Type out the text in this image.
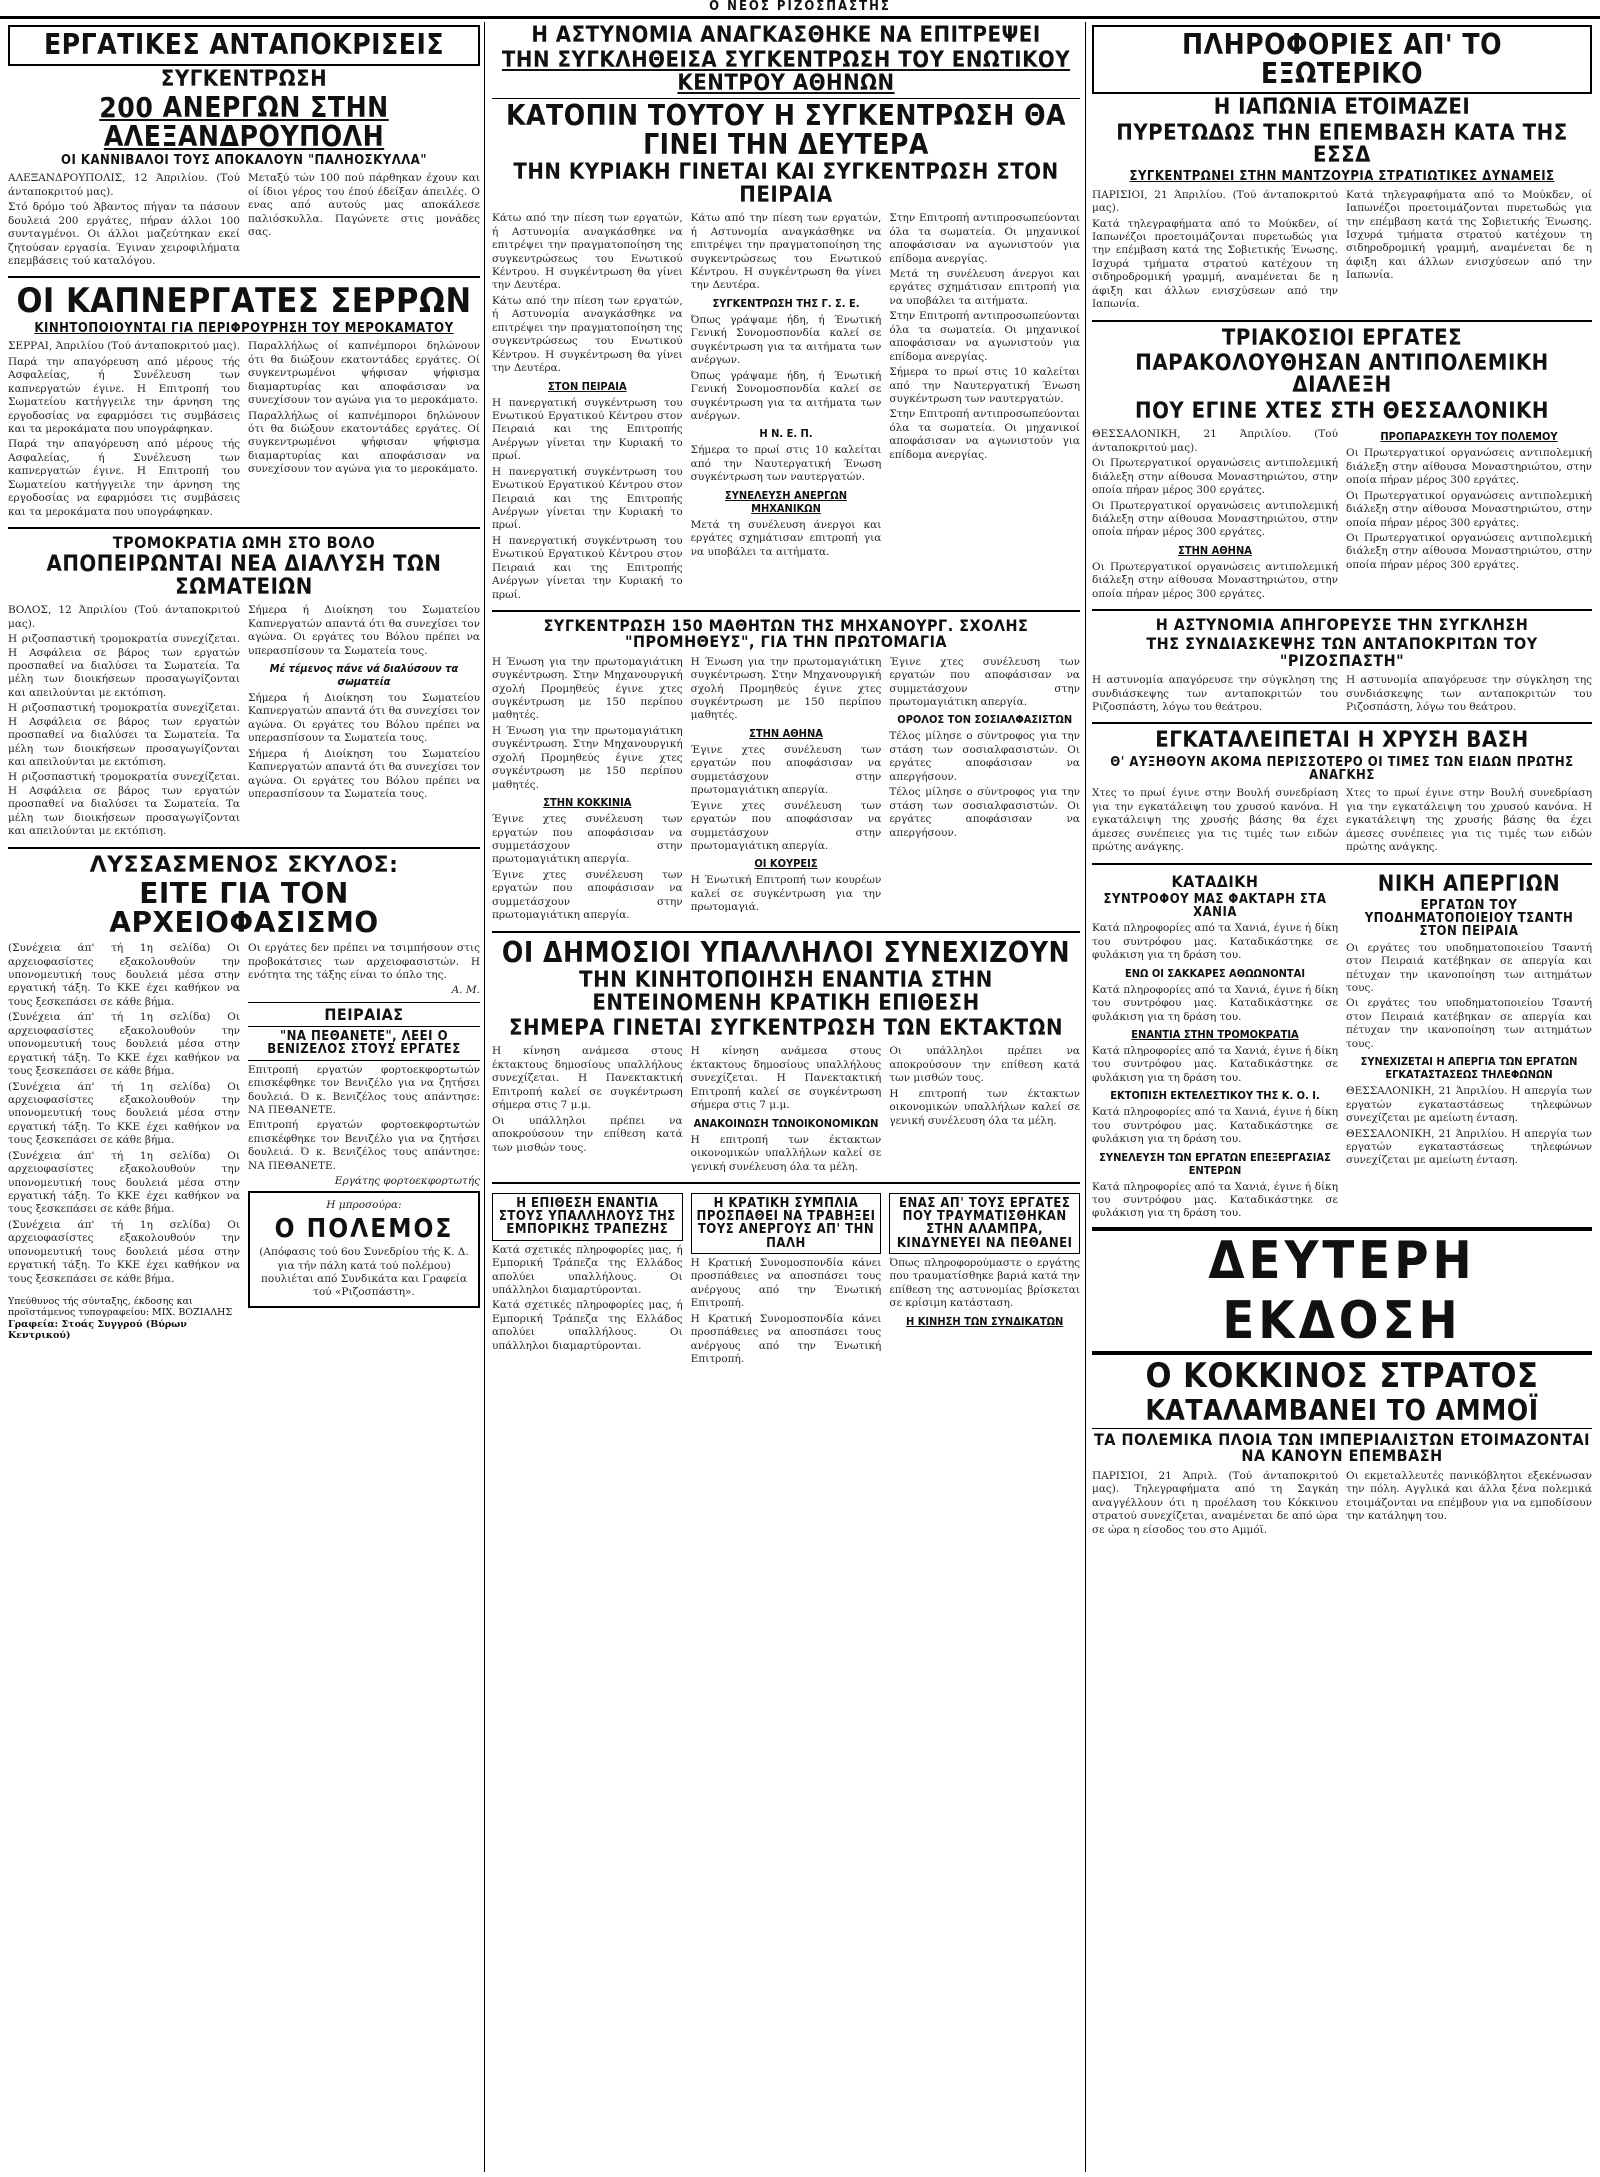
Ο ΝΕΟΣ ΡΙΖΟΣΠΑΣΤΗΣ
ΕΡΓΑΤΙΚΕΣ ΑΝΤΑΠΟΚΡΙΣΕΙΣ
ΣΥΓΚΕΝΤΡΩΣΗ
200 ΑΝΕΡΓΩΝ ΣΤΗΝ ΑΛΕΞΑΝΔΡΟΥΠΟΛΗ
ΟΙ ΚΑΝΝΙΒΑΛΟΙ ΤΟΥΣ ΑΠΟΚΑΛΟΥΝ "ΠΑΛΗΟΣΚΥΛΛΑ"

ΑΛΕΞΑΝΔΡΟΥΠΟΛΙΣ, 12 Άπριλίου. (Τού άνταποκριτού μας).

Στό δρόμο τού Άβαντος πήγαν τα πάσουν δουλειά 200 εργάτες, πήραν άλλοι 100 συνταγμένοι. Οι άλλοι μαζεύτηκαν εκεί ζητούσαν εργασία. Έγιναν χειροφιλήματα επεμβάσεις τού καταλόγου.

Μεταξύ τών 100 πού πάρθηκαν έχουν και οί ίδιοι γέρος του έπού έδείξαν άπειλές. Ο ενας από αυτούς μας αποκάλεσε παλιόσκυλλα. Παγώνετε στις μονάδες σας.

ΟΙ ΚΑΠΝΕΡΓΑΤΕΣ ΣΕΡΡΩΝ
ΚΙΝΗΤΟΠΟΙΟΥΝΤΑΙ ΓΙΑ ΠΕΡΙΦΡΟΥΡΗΣΗ ΤΟΥ ΜΕΡΟΚΑΜΑΤΟΥ

ΣΕΡΡΑΙ, Άπριλίου (Τού άνταποκριτού μας).

Παρά την απαγόρευση από μέρους τής Ασφαλείας, ή Συνέλευση των καπνεργατών έγινε. Η Επιτροπή του Σωματείου κατήγγειλε την άρνηση της εργοδοσίας να εφαρμόσει τις συμβάσεις και τα μεροκάματα που υπογράφηκαν.

Παρά την απαγόρευση από μέρους τής Ασφαλείας, ή Συνέλευση των καπνεργατών έγινε. Η Επιτροπή του Σωματείου κατήγγειλε την άρνηση της εργοδοσίας να εφαρμόσει τις συμβάσεις και τα μεροκάματα που υπογράφηκαν.

Παραλλήλως οί καπνέμποροι δηλώνουν ότι θα διώξουν εκατοντάδες εργάτες. Οί συγκεντρωμένοι ψήφισαν ψήφισμα διαμαρτυρίας και αποφάσισαν να συνεχίσουν τον αγώνα για το μεροκάματο.

Παραλλήλως οί καπνέμποροι δηλώνουν ότι θα διώξουν εκατοντάδες εργάτες. Οί συγκεντρωμένοι ψήφισαν ψήφισμα διαμαρτυρίας και αποφάσισαν να συνεχίσουν τον αγώνα για το μεροκάματο.

ΤΡΟΜΟΚΡΑΤΙΑ ΩΜΗ ΣΤΟ ΒΟΛΟ
ΑΠΟΠΕΙΡΩΝΤΑΙ ΝΕΑ ΔΙΑΛΥΣΗ ΤΩΝ ΣΩΜΑΤΕΙΩΝ

ΒΟΛΟΣ, 12 Άπριλίου (Τού άνταποκριτού μας).

Η ριζοσπαστική τρομοκρατία συνεχίζεται. Η Ασφάλεια σε βάρος των εργατών προσπαθεί να διαλύσει τα Σωματεία. Τα μέλη των διοικήσεων προσαγωγίζονται και απειλούνται με εκτόπιση.

Η ριζοσπαστική τρομοκρατία συνεχίζεται. Η Ασφάλεια σε βάρος των εργατών προσπαθεί να διαλύσει τα Σωματεία. Τα μέλη των διοικήσεων προσαγωγίζονται και απειλούνται με εκτόπιση.

Η ριζοσπαστική τρομοκρατία συνεχίζεται. Η Ασφάλεια σε βάρος των εργατών προσπαθεί να διαλύσει τα Σωματεία. Τα μέλη των διοικήσεων προσαγωγίζονται και απειλούνται με εκτόπιση.

Σήμερα ή Διοίκηση του Σωματείου Καπνεργατών απαντά ότι θα συνεχίσει τον αγώνα. Οι εργάτες του Βόλου πρέπει να υπερασπίσουν τα Σωματεία τους.

Μέ τέμενος πάνε νά διαλύσουν τα σωματεία

Σήμερα ή Διοίκηση του Σωματείου Καπνεργατών απαντά ότι θα συνεχίσει τον αγώνα. Οι εργάτες του Βόλου πρέπει να υπερασπίσουν τα Σωματεία τους.

Σήμερα ή Διοίκηση του Σωματείου Καπνεργατών απαντά ότι θα συνεχίσει τον αγώνα. Οι εργάτες του Βόλου πρέπει να υπερασπίσουν τα Σωματεία τους.

ΛΥΣΣΑΣΜΕΝΟΣ ΣΚΥΛΟΣ:
ΕΙΤΕ ΓΙΑ ΤΟΝ ΑΡΧΕΙΟΦΑΣΙΣΜΟ

(Συνέχεια άπ' τή 1η σελίδα) Οι αρχειοφασίστες εξακολουθούν την υπονομευτική τους δουλειά μέσα στην εργατική τάξη. Το ΚΚΕ έχει καθήκον να τους ξεσκεπάσει σε κάθε βήμα.

(Συνέχεια άπ' τή 1η σελίδα) Οι αρχειοφασίστες εξακολουθούν την υπονομευτική τους δουλειά μέσα στην εργατική τάξη. Το ΚΚΕ έχει καθήκον να τους ξεσκεπάσει σε κάθε βήμα.

(Συνέχεια άπ' τή 1η σελίδα) Οι αρχειοφασίστες εξακολουθούν την υπονομευτική τους δουλειά μέσα στην εργατική τάξη. Το ΚΚΕ έχει καθήκον να τους ξεσκεπάσει σε κάθε βήμα.

(Συνέχεια άπ' τή 1η σελίδα) Οι αρχειοφασίστες εξακολουθούν την υπονομευτική τους δουλειά μέσα στην εργατική τάξη. Το ΚΚΕ έχει καθήκον να τους ξεσκεπάσει σε κάθε βήμα.

(Συνέχεια άπ' τή 1η σελίδα) Οι αρχειοφασίστες εξακολουθούν την υπονομευτική τους δουλειά μέσα στην εργατική τάξη. Το ΚΚΕ έχει καθήκον να τους ξεσκεπάσει σε κάθε βήμα.

Υπεύθυνος τής σύνταξης, έκδοσης και προϊστάμενος τυπογραφείου: ΜΙΧ. ΒΟΖΙΑΛΗΣ
Γραφεία: Στοάς Συγγρού (Βύρων Κεντρικού)

Οι εργάτες δεν πρέπει να τσιμπήσουν στις προβοκάτσιες των αρχειοφασιστών. Η ενότητα της τάξης είναι το όπλο της.

Α. Μ.

ΠΕΙΡΑΙΑΣ
"ΝΑ ΠΕΘΑΝΕΤΕ", ΛΕΕΙ Ο ΒΕΝΙΖΕΛΟΣ ΣΤΟΥΣ ΕΡΓΑΤΕΣ

Επιτροπή εργατών φορτοεκφορτωτών επισκέφθηκε τον Βενιζέλο για να ζητήσει δουλειά. Ό κ. Βενιζέλος τους απάντησε: ΝΑ ΠΕΘΑΝΕΤΕ.

Επιτροπή εργατών φορτοεκφορτωτών επισκέφθηκε τον Βενιζέλο για να ζητήσει δουλειά. Ό κ. Βενιζέλος τους απάντησε: ΝΑ ΠΕΘΑΝΕΤΕ.

Εργάτης φορτοεκφορτωτής

Η μπροσούρα:
Ο ΠΟΛΕΜΟΣ
(Απόφασις τού 6ου Συνεδρίου τής Κ. Δ. για τήν πάλη κατά τού πολέμου) πουλιέται από Συνδικάτα και Γραφεία τού «Ριζοσπάστη».
Η ΑΣΤΥΝΟΜΙΑ ΑΝΑΓΚΑΣΘΗΚΕ ΝΑ ΕΠΙΤΡΕΨΕΙ
ΤΗΝ ΣΥΓΚΛΗΘΕΙΣΑ ΣΥΓΚΕΝΤΡΩΣΗ ΤΟΥ ΕΝΩΤΙΚΟΥ ΚΕΝΤΡΟΥ ΑΘΗΝΩΝ
ΚΑΤΟΠΙΝ ΤΟΥΤΟΥ Η ΣΥΓΚΕΝΤΡΩΣΗ ΘΑ ΓΙΝΕΙ ΤΗΝ ΔΕΥΤΕΡΑ
ΤΗΝ ΚΥΡΙΑΚΗ ΓΙΝΕΤΑΙ ΚΑΙ ΣΥΓΚΕΝΤΡΩΣΗ ΣΤΟΝ ΠΕΙΡΑΙΑ

Κάτω από την πίεση των εργατών, ή Αστυνομία αναγκάσθηκε να επιτρέψει την πραγματοποίηση της συγκεντρώσεως του Ενωτικού Κέντρου. Η συγκέντρωση θα γίνει την Δευτέρα.

Κάτω από την πίεση των εργατών, ή Αστυνομία αναγκάσθηκε να επιτρέψει την πραγματοποίηση της συγκεντρώσεως του Ενωτικού Κέντρου. Η συγκέντρωση θα γίνει την Δευτέρα.

ΣΤΟΝ ΠΕΙΡΑΙΑ

Η πανεργατική συγκέντρωση του Ενωτικού Εργατικού Κέντρου στον Πειραιά και της Επιτροπής Ανέργων γίνεται την Κυριακή το πρωί.

Η πανεργατική συγκέντρωση του Ενωτικού Εργατικού Κέντρου στον Πειραιά και της Επιτροπής Ανέργων γίνεται την Κυριακή το πρωί.

Η πανεργατική συγκέντρωση του Ενωτικού Εργατικού Κέντρου στον Πειραιά και της Επιτροπής Ανέργων γίνεται την Κυριακή το πρωί.

Κάτω από την πίεση των εργατών, ή Αστυνομία αναγκάσθηκε να επιτρέψει την πραγματοποίηση της συγκεντρώσεως του Ενωτικού Κέντρου. Η συγκέντρωση θα γίνει την Δευτέρα.

ΣΥΓΚΕΝΤΡΩΣΗ ΤΗΣ Γ. Σ. Ε.

Όπως γράψαμε ήδη, ή Ένωτική Γενική Συνομοσπονδία καλεί σε συγκέντρωση για τα αιτήματα των ανέργων.

Όπως γράψαμε ήδη, ή Ένωτική Γενική Συνομοσπονδία καλεί σε συγκέντρωση για τα αιτήματα των ανέργων.

Η Ν. Ε. Π.

Σήμερα το πρωί στις 10 καλείται από την Ναυτεργατική Ένωση συγκέντρωση των ναυτεργατών.

ΣΥΝΕΛΕΥΣΗ ΑΝΕΡΓΩΝ ΜΗΧΑΝΙΚΩΝ

Μετά τη συνέλευση άνεργοι και εργάτες σχημάτισαν επιτροπή για να υποβάλει τα αιτήματα.

Στην Επιτροπή αντιπροσωπεύονται όλα τα σωματεία. Οι μηχανικοί αποφάσισαν να αγωνιστούν για επίδομα ανεργίας.

Μετά τη συνέλευση άνεργοι και εργάτες σχημάτισαν επιτροπή για να υποβάλει τα αιτήματα.

Στην Επιτροπή αντιπροσωπεύονται όλα τα σωματεία. Οι μηχανικοί αποφάσισαν να αγωνιστούν για επίδομα ανεργίας.

Σήμερα το πρωί στις 10 καλείται από την Ναυτεργατική Ένωση συγκέντρωση των ναυτεργατών.

Στην Επιτροπή αντιπροσωπεύονται όλα τα σωματεία. Οι μηχανικοί αποφάσισαν να αγωνιστούν για επίδομα ανεργίας.

ΣΥΓΚΕΝΤΡΩΣΗ 150 ΜΑΘΗΤΩΝ ΤΗΣ ΜΗΧΑΝΟΥΡΓ. ΣΧΟΛΗΣ "ΠΡΟΜΗΘΕΥΣ", ΓΙΑ ΤΗΝ ΠΡΩΤΟΜΑΓΙΑ

Η Ένωση για την πρωτομαγιάτικη συγκέντρωση. Στην Μηχανουργική σχολή Προμηθεύς έγινε χτες συγκέντρωση με 150 περίπου μαθητές.

Η Ένωση για την πρωτομαγιάτικη συγκέντρωση. Στην Μηχανουργική σχολή Προμηθεύς έγινε χτες συγκέντρωση με 150 περίπου μαθητές.

ΣΤΗΝ ΚΟΚΚΙΝΙΑ

Έγινε χτες συνέλευση των εργατών που αποφάσισαν να συμμετάσχουν στην πρωτομαγιάτικη απεργία.

Έγινε χτες συνέλευση των εργατών που αποφάσισαν να συμμετάσχουν στην πρωτομαγιάτικη απεργία.

Η Ένωση για την πρωτομαγιάτικη συγκέντρωση. Στην Μηχανουργική σχολή Προμηθεύς έγινε χτες συγκέντρωση με 150 περίπου μαθητές.

ΣΤΗΝ ΑΘΗΝΑ

Έγινε χτες συνέλευση των εργατών που αποφάσισαν να συμμετάσχουν στην πρωτομαγιάτικη απεργία.

Έγινε χτες συνέλευση των εργατών που αποφάσισαν να συμμετάσχουν στην πρωτομαγιάτικη απεργία.

ΟΙ ΚΟΥΡΕΙΣ

Η Ένωτική Επιτροπή των κουρέων καλεί σε συγκέντρωση για την πρωτομαγιά.

Έγινε χτες συνέλευση των εργατών που αποφάσισαν να συμμετάσχουν στην πρωτομαγιάτικη απεργία.

ΟΡΟΛΟΣ ΤΟΝ ΣΟΣΙΑΛΦΑΣΙΣΤΩΝ

Τέλος μίλησε ο σύντροφος για την στάση των σοσιαλφασιστών. Οι εργάτες αποφάσισαν να απεργήσουν.

Τέλος μίλησε ο σύντροφος για την στάση των σοσιαλφασιστών. Οι εργάτες αποφάσισαν να απεργήσουν.

ΟΙ ΔΗΜΟΣΙΟΙ ΥΠΑΛΛΗΛΟΙ ΣΥΝΕΧΙΖΟΥΝ
ΤΗΝ ΚΙΝΗΤΟΠΟΙΗΣΗ ΕΝΑΝΤΙΑ ΣΤΗΝ ΕΝΤΕΙΝΟΜΕΝΗ ΚΡΑΤΙΚΗ ΕΠΙΘΕΣΗ
ΣΗΜΕΡΑ ΓΙΝΕΤΑΙ ΣΥΓΚΕΝΤΡΩΣΗ ΤΩΝ ΕΚΤΑΚΤΩΝ

Η κίνηση ανάμεσα στους έκτακτους δημοσίους υπαλλήλους συνεχίζεται. Η Πανεκτακτική Επιτροπή καλεί σε συγκέντρωση σήμερα στις 7 μ.μ.

Οι υπάλληλοι πρέπει να αποκρούσουν την επίθεση κατά των μισθών τους.

Η κίνηση ανάμεσα στους έκτακτους δημοσίους υπαλλήλους συνεχίζεται. Η Πανεκτακτική Επιτροπή καλεί σε συγκέντρωση σήμερα στις 7 μ.μ.

ΑΝΑΚΟΙΝΩΣΗ ΤΩΝΟΙΚΟΝΟΜΙΚΩΝ

Η επιτροπή των έκτακτων οικονομικών υπαλλήλων καλεί σε γενική συνέλευση όλα τα μέλη.

Οι υπάλληλοι πρέπει να αποκρούσουν την επίθεση κατά των μισθών τους.

Η επιτροπή των έκτακτων οικονομικών υπαλλήλων καλεί σε γενική συνέλευση όλα τα μέλη.

Η ΕΠΙΘΕΣΗ ΕΝΑΝΤΙΑ ΣΤΟΥΣ ΥΠΑΛΛΗΛΟΥΣ ΤΗΣ ΕΜΠΟΡΙΚΗΣ ΤΡΑΠΕΖΗΣ

Κατά σχετικές πληροφορίες μας, ή Εμπορική Τράπεζα της Ελλάδος απολύει υπαλλήλους. Οι υπάλληλοι διαμαρτύρονται.

Κατά σχετικές πληροφορίες μας, ή Εμπορική Τράπεζα της Ελλάδος απολύει υπαλλήλους. Οι υπάλληλοι διαμαρτύρονται.

Η ΚΡΑΤΙΚΗ ΣΥΜΠΛΙΑ ΠΡΟΣΠΑΘΕΙ ΝΑ ΤΡΑΒΗΞΕΙ ΤΟΥΣ ΑΝΕΡΓΟΥΣ ΑΠ' ΤΗΝ ΠΑΛΗ

Η Κρατική Συνομοσπονδία κάνει προσπάθειες να αποσπάσει τους ανέργους από την Ένωτική Επιτροπή.

Η Κρατική Συνομοσπονδία κάνει προσπάθειες να αποσπάσει τους ανέργους από την Ένωτική Επιτροπή.

ΕΝΑΣ ΑΠ' ΤΟΥΣ ΕΡΓΑΤΕΣ ΠΟΥ ΤΡΑΥΜΑΤΙΣΘΗΚΑΝ ΣΤΗΝ ΑΛΑΜΠΡΑ, ΚΙΝΔΥΝΕΥΕΙ ΝΑ ΠΕΘΑΝΕΙ

Όπως πληροφορούμαστε ο εργάτης που τραυματίσθηκε βαριά κατά την επίθεση της αστυνομίας βρίσκεται σε κρίσιμη κατάσταση.

Η ΚΙΝΗΣΗ ΤΩΝ ΣΥΝΔΙΚΑΤΩΝ
ΠΛΗΡΟΦΟΡΙΕΣ ΑΠ' ΤΟ ΕΞΩΤΕΡΙΚΟ
Η ΙΑΠΩΝΙΑ ΕΤΟΙΜΑΖΕΙ
ΠΥΡΕΤΩΔΩΣ ΤΗΝ ΕΠΕΜΒΑΣΗ ΚΑΤΑ ΤΗΣ ΕΣΣΔ
ΣΥΓΚΕΝΤΡΩΝΕΙ ΣΤΗΝ ΜΑΝΤΖΟΥΡΙΑ ΣΤΡΑΤΙΩΤΙΚΕΣ ΔΥΝΑΜΕΙΣ

ΠΑΡΙΣΙΟΙ, 21 Άπριλίου. (Τού άνταποκριτού μας).

Κατά τηλεγραφήματα από το Μούκδεν, οί Ιαπωνέζοι προετοιμάζονται πυρετωδώς για την επέμβαση κατά της Σοβιετικής Ένωσης. Ισχυρά τμήματα στρατού κατέχουν τη σιδηροδρομική γραμμή, αναμένεται δε η άφιξη και άλλων ενισχύσεων από την Ιαπωνία.

Κατά τηλεγραφήματα από το Μούκδεν, οί Ιαπωνέζοι προετοιμάζονται πυρετωδώς για την επέμβαση κατά της Σοβιετικής Ένωσης. Ισχυρά τμήματα στρατού κατέχουν τη σιδηροδρομική γραμμή, αναμένεται δε η άφιξη και άλλων ενισχύσεων από την Ιαπωνία.

ΤΡΙΑΚΟΣΙΟΙ ΕΡΓΑΤΕΣ
ΠΑΡΑΚΟΛΟΥΘΗΣΑΝ ΑΝΤΙΠΟΛΕΜΙΚΗ ΔΙΑΛΕΞΗ
ΠΟΥ ΕΓΙΝΕ ΧΤΕΣ ΣΤΗ ΘΕΣΣΑΛΟΝΙΚΗ

ΘΕΣΣΑΛΟΝΙΚΗ, 21 Άπριλίου. (Τού άνταποκριτού μας).

Οι Πρωτεργατικοί οργανώσεις αντιπολεμική διάλεξη στην αίθουσα Μοναστηριώτου, στην οποία πήραν μέρος 300 εργάτες.

Οι Πρωτεργατικοί οργανώσεις αντιπολεμική διάλεξη στην αίθουσα Μοναστηριώτου, στην οποία πήραν μέρος 300 εργάτες.

ΣΤΗΝ ΑΘΗΝΑ

Οι Πρωτεργατικοί οργανώσεις αντιπολεμική διάλεξη στην αίθουσα Μοναστηριώτου, στην οποία πήραν μέρος 300 εργάτες.

ΠΡΟΠΑΡΑΣΚΕΥΗ ΤΟΥ ΠΟΛΕΜΟΥ

Οι Πρωτεργατικοί οργανώσεις αντιπολεμική διάλεξη στην αίθουσα Μοναστηριώτου, στην οποία πήραν μέρος 300 εργάτες.

Οι Πρωτεργατικοί οργανώσεις αντιπολεμική διάλεξη στην αίθουσα Μοναστηριώτου, στην οποία πήραν μέρος 300 εργάτες.

Οι Πρωτεργατικοί οργανώσεις αντιπολεμική διάλεξη στην αίθουσα Μοναστηριώτου, στην οποία πήραν μέρος 300 εργάτες.

Η ΑΣΤΥΝΟΜΙΑ ΑΠΗΓΟΡΕΥΣΕ ΤΗΝ ΣΥΓΚΛΗΣΗ
ΤΗΣ ΣΥΝΔΙΑΣΚΕΨΗΣ ΤΩΝ ΑΝΤΑΠΟΚΡΙΤΩΝ ΤΟΥ "ΡΙΖΟΣΠΑΣΤΗ"

Η αστυνομία απαγόρευσε την σύγκληση της συνδιάσκεψης των ανταποκριτών του Ριζοσπάστη, λόγω του θεάτρου.

Η αστυνομία απαγόρευσε την σύγκληση της συνδιάσκεψης των ανταποκριτών του Ριζοσπάστη, λόγω του θεάτρου.

ΕΓΚΑΤΑΛΕΙΠΕΤΑΙ Η ΧΡΥΣΗ ΒΑΣΗ
Θ' ΑΥΞΗΘΟΥΝ ΑΚΟΜΑ ΠΕΡΙΣΣΟΤΕΡΟ ΟΙ ΤΙΜΕΣ ΤΩΝ ΕΙΔΩΝ ΠΡΩΤΗΣ ΑΝΑΓΚΗΣ

Χτες το πρωί έγινε στην Βουλή συνεδρίαση για την εγκατάλειψη του χρυσού κανόνα. Η εγκατάλειψη της χρυσής βάσης θα έχει άμεσες συνέπειες για τις τιμές των ειδών πρώτης ανάγκης.

Χτες το πρωί έγινε στην Βουλή συνεδρίαση για την εγκατάλειψη του χρυσού κανόνα. Η εγκατάλειψη της χρυσής βάσης θα έχει άμεσες συνέπειες για τις τιμές των ειδών πρώτης ανάγκης.

ΚΑΤΑΔΙΚΗ
ΣΥΝΤΡΟΦΟΥ ΜΑΣ ΦΑΚΤΑΡΗ ΣΤΑ ΧΑΝΙΑ

Κατά πληροφορίες από τα Χανιά, έγινε ή δίκη του συντρόφου μας. Καταδικάστηκε σε φυλάκιση για τη δράση του.

ΕΝΩ ΟΙ ΣΑΚΚΑΡΕΣ ΑΘΩΩΝΟΝΤΑΙ

Κατά πληροφορίες από τα Χανιά, έγινε ή δίκη του συντρόφου μας. Καταδικάστηκε σε φυλάκιση για τη δράση του.

ΕΝΑΝΤΙΑ ΣΤΗΝ ΤΡΟΜΟΚΡΑΤΙΑ

Κατά πληροφορίες από τα Χανιά, έγινε ή δίκη του συντρόφου μας. Καταδικάστηκε σε φυλάκιση για τη δράση του.

ΕΚΤΟΠΙΣΗ ΕΚΤΕΛΕΣΤΙΚΟΥ ΤΗΣ Κ. Ο. Ι.

Κατά πληροφορίες από τα Χανιά, έγινε ή δίκη του συντρόφου μας. Καταδικάστηκε σε φυλάκιση για τη δράση του.

ΣΥΝΕΛΕΥΣΗ ΤΩΝ ΕΡΓΑΤΩΝ ΕΠΕΞΕΡΓΑΣΙΑΣ ΕΝΤΕΡΩΝ

Κατά πληροφορίες από τα Χανιά, έγινε ή δίκη του συντρόφου μας. Καταδικάστηκε σε φυλάκιση για τη δράση του.

ΝΙΚΗ ΑΠΕΡΓΙΩΝ
ΕΡΓΑΤΩΝ ΤΟΥ ΥΠΟΔΗΜΑΤΟΠΟΙΕΙΟΥ ΤΣΑΝΤΗ ΣΤΟΝ ΠΕΙΡΑΙΑ

Οι εργάτες του υποδηματοποιείου Τσαντή στον Πειραιά κατέβηκαν σε απεργία και πέτυχαν την ικανοποίηση των αιτημάτων τους.

Οι εργάτες του υποδηματοποιείου Τσαντή στον Πειραιά κατέβηκαν σε απεργία και πέτυχαν την ικανοποίηση των αιτημάτων τους.

ΣΥΝΕΧΙΖΕΤΑΙ Η ΑΠΕΡΓΙΑ ΤΩΝ ΕΡΓΑΤΩΝ ΕΓΚΑΤΑΣΤΑΣΕΩΣ ΤΗΛΕΦΩΝΩΝ

ΘΕΣΣΑΛΟΝΙΚΗ, 21 Άπριλίου. Η απεργία των εργατών εγκαταστάσεως τηλεφώνων συνεχίζεται με αμείωτη ένταση.

ΘΕΣΣΑΛΟΝΙΚΗ, 21 Άπριλίου. Η απεργία των εργατών εγκαταστάσεως τηλεφώνων συνεχίζεται με αμείωτη ένταση.

ΔΕΥΤΕΡΗ ΕΚΔΟΣΗ
Ο ΚΟΚΚΙΝΟΣ ΣΤΡΑΤΟΣ
ΚΑΤΑΛΑΜΒΑΝΕΙ ΤΟ ΑΜΜΟΪ
ΤΑ ΠΟΛΕΜΙΚΑ ΠΛΟΙΑ ΤΩΝ ΙΜΠΕΡΙΑΛΙΣΤΩΝ ΕΤΟΙΜΑΖΟΝΤΑΙ ΝΑ ΚΑΝΟΥΝ ΕΠΕΜΒΑΣΗ

ΠΑΡΙΣΙΟΙ, 21 Άπριλ. (Τού άνταποκριτού μας). Τηλεγραφήματα από τη Σαγκάη αναγγέλλουν ότι η προέλαση του Κόκκινου στρατού συνεχίζεται, αναμένεται δε από ώρα σε ώρα η είσοδος του στο Αμμόϊ.

Οι εκμεταλλευτές πανικόβλητοι εξεκένωσαν την πόλη. Αγγλικά και άλλα ξένα πολεμικά ετοιμάζονται να επέμβουν για να εμποδίσουν την κατάληψη του.
